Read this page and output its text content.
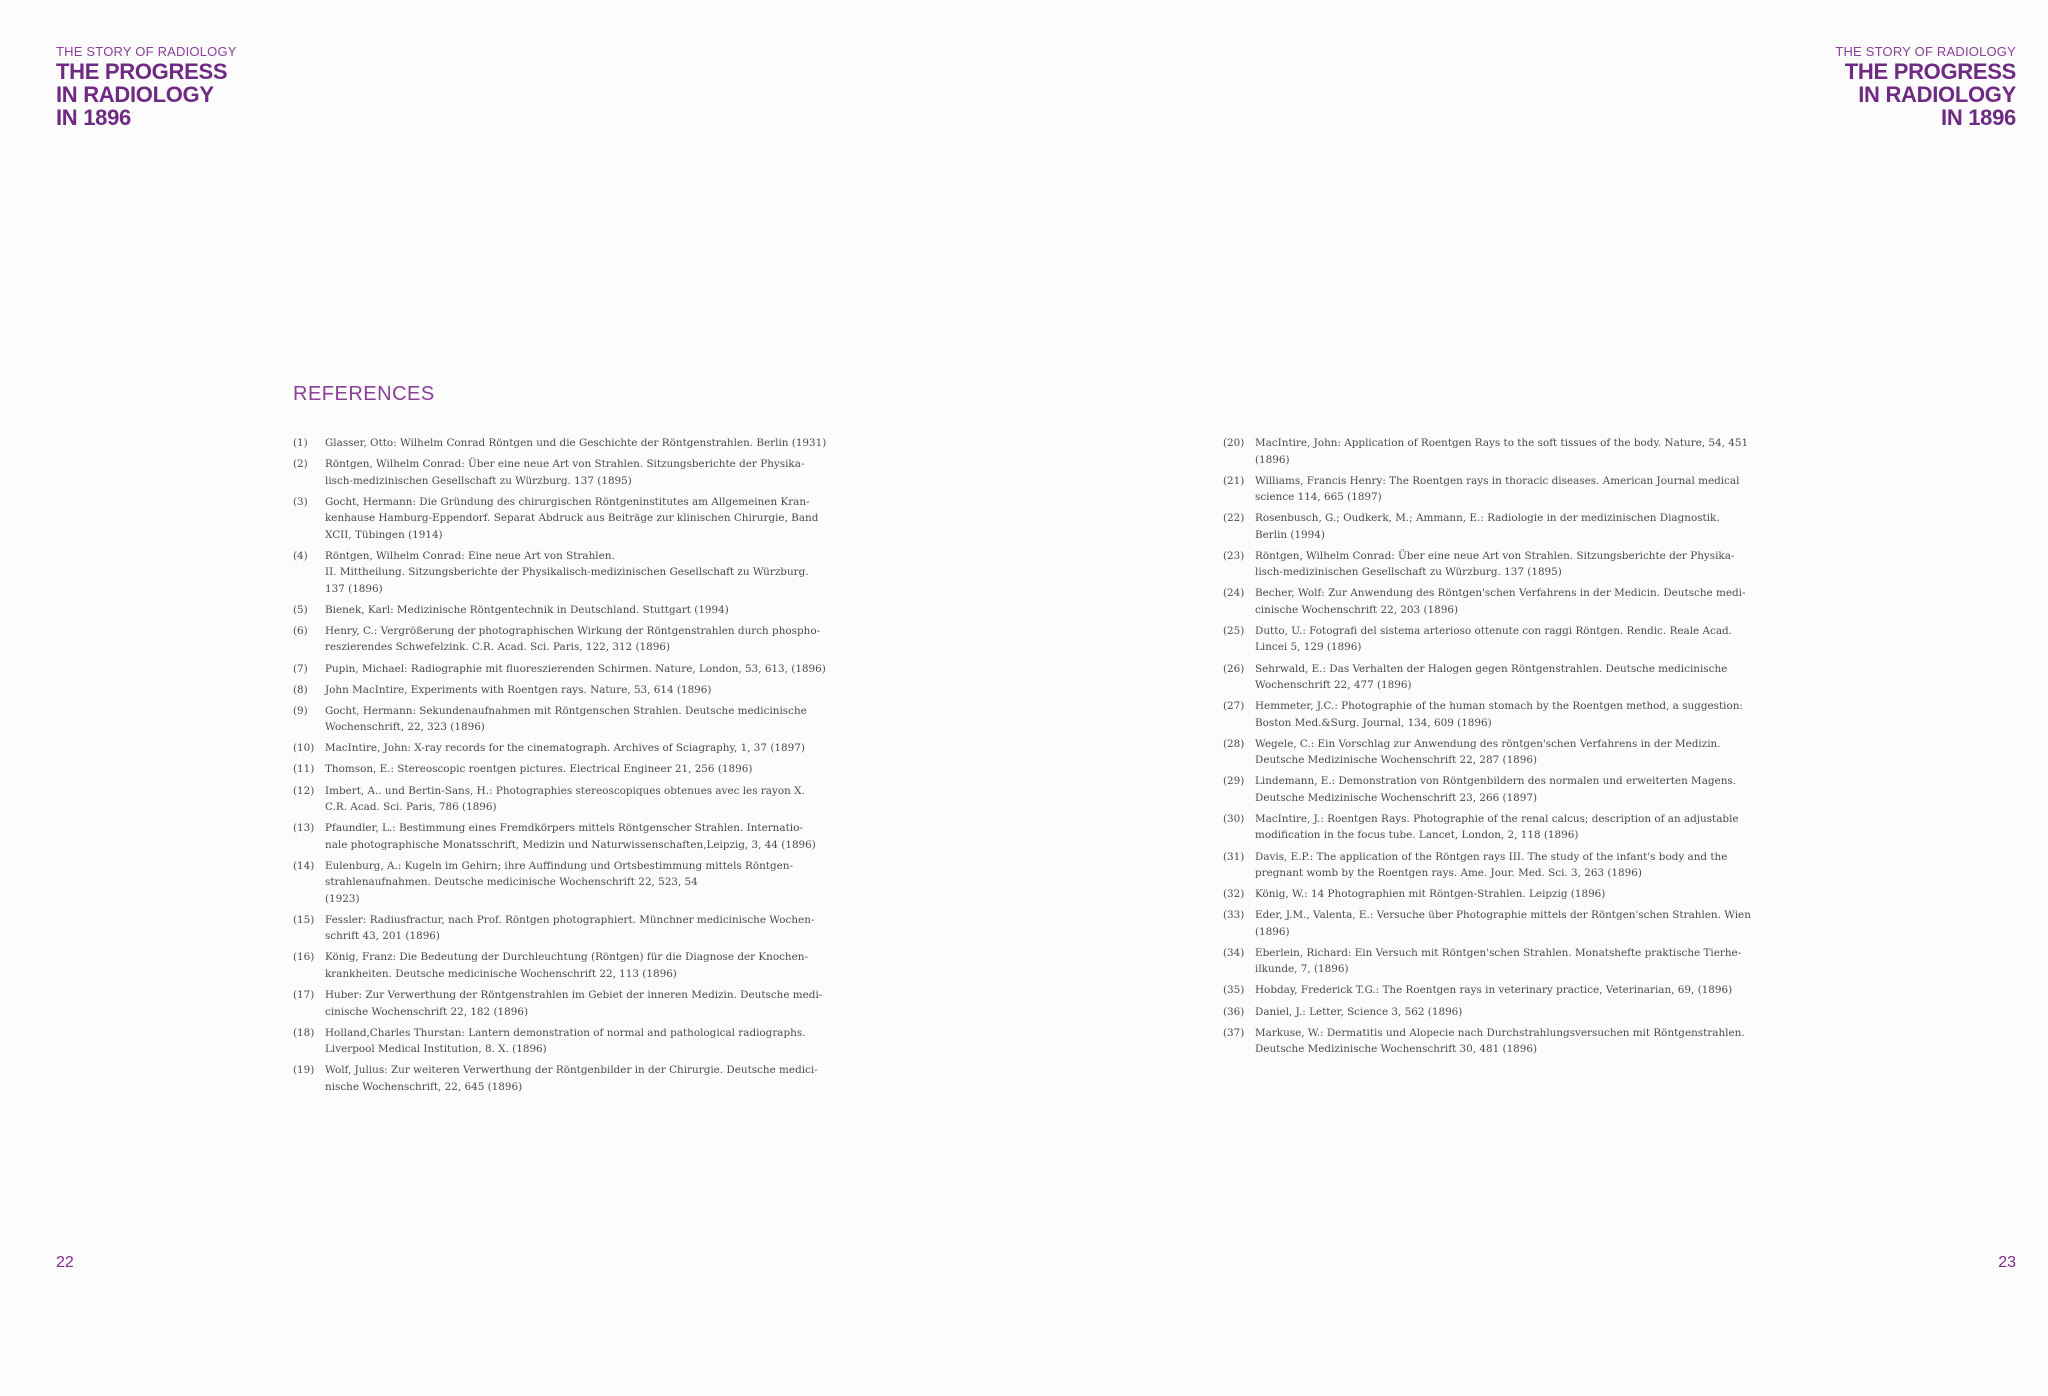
THE STORY OF RADIOLOGY
THE PROGRESS
IN RADIOLOGY
IN 1896
REFERENCES
(1)	Glasser, Otto: Wilhelm Conrad Röntgen und die Geschichte der Röntgenstrahlen. Berlin (1931)
(2)	Röntgen, Wilhelm Conrad: Über eine neue Art von Strahlen. Sitzungsberichte der Physika-
lisch-medizinischen Gesellschaft zu Würzburg. 137 (1895)
(3)	Gocht, Hermann: Die Gründung des chirurgischen Röntgeninstitutes am Allgemeinen Kran-
kenhause Hamburg-Eppendorf. Separat Abdruck aus Beiträge zur klinischen Chirurgie, Band
XCII, Tübingen (1914)
(4)	Röntgen, Wilhelm Conrad: Eine neue Art von Strahlen.
II. Mittheilung. Sitzungsberichte der Physikalisch-medizinischen Gesellschaft zu Würzburg.
137 (1896)
(5)	Bienek, Karl: Medizinische Röntgentechnik in Deutschland. Stuttgart (1994)
(6)	Henry, C.: Vergrößerung der photographischen Wirkung der Röntgenstrahlen durch phospho-
reszierendes Schwefelzink. C.R. Acad. Sci. Paris, 122, 312 (1896)
(7)	Pupin, Michael: Radiographie mit fluoreszierenden Schirmen. Nature, London, 53, 613, (1896)
(8)	John MacIntire, Experiments with Roentgen rays. Nature, 53, 614 (1896)
(9)	Gocht, Hermann: Sekundenaufnahmen mit Röntgenschen Strahlen. Deutsche medicinische
Wochenschrift, 22, 323 (1896)
(10)	MacIntire, John: X-ray records for the cinematograph. Archives of Sciagraphy, 1, 37 (1897)
(11)	Thomson, E.: Stereoscopic roentgen pictures. Electrical Engineer 21, 256 (1896)
(12)	Imbert, A.. und Bertin-Sans, H.: Photographies stereoscopiques obtenues avec les rayon X.
C.R. Acad. Sci. Paris, 786 (1896)
(13)	Pfaundler, L.: Bestimmung eines Fremdkörpers mittels Röntgenscher Strahlen. Internatio-
nale photographische Monatsschrift, Medizin und Naturwissenschaften,Leipzig, 3, 44 (1896)
(14)	Eulenburg, A.: Kugeln im Gehirn; ihre Auffindung und Ortsbestimmung mittels Röntgen-
strahlenaufnahmen. Deutsche medicinische Wochenschrift 22, 523, 54
(1923)
(15)	Fessler: Radiusfractur, nach Prof. Röntgen photographiert. Münchner medicinische Wochen-
schrift 43, 201 (1896)
(16)	König, Franz: Die Bedeutung der Durchleuchtung (Röntgen) für die Diagnose der Knochen-
krankheiten. Deutsche medicinische Wochenschrift 22, 113 (1896)
(17)	Huber: Zur Verwerthung der Röntgenstrahlen im Gebiet der inneren Medizin. Deutsche medi-
cinische Wochenschrift 22, 182 (1896)
(18)	Holland,Charles Thurstan: Lantern demonstration of normal and pathological radiographs.
Liverpool Medical Institution, 8. X. (1896)
(19)	Wolf, Julius: Zur weiteren Verwerthung der Röntgenbilder in der Chirurgie. Deutsche medici-
nische Wochenschrift, 22, 645 (1896)
22
THE STORY OF RADIOLOGY
THE PROGRESS
IN RADIOLOGY
IN 1896
23
(20)	MacIntire, John: Application of Roentgen Rays to the soft tissues of the body. Nature, 54, 451
(1896)
(21)	Williams, Francis Henry: The Roentgen rays in thoracic diseases. American Journal medical
science 114, 665 (1897)
(22)	Rosenbusch, G.; Oudkerk, M.; Ammann, E.: Radiologie in der medizinischen Diagnostik.
Berlin (1994)
(23)	Röntgen, Wilhelm Conrad: Über eine neue Art von Strahlen. Sitzungsberichte der Physika-
lisch-medizinischen Gesellschaft zu Würzburg. 137 (1895)
(24)	Becher, Wolf: Zur Anwendung des Röntgen'schen Verfahrens in der Medicin. Deutsche medi-
cinische Wochenschrift 22, 203 (1896)
(25)	Dutto, U.: Fotografi del sistema arterioso ottenute con raggi Röntgen. Rendic. Reale Acad.
Lincei 5, 129 (1896)
(26)	Sehrwald, E.: Das Verhalten der Halogen gegen Röntgenstrahlen. Deutsche medicinische
Wochenschrift 22, 477 (1896)
(27)	Hemmeter, J.C.: Photographie of the human stomach by the Roentgen method, a suggestion:
Boston Med.&Surg. Journal, 134, 609 (1896)
(28)	Wegele, C.: Ein Vorschlag zur Anwendung des röntgen'schen Verfahrens in der Medizin.
Deutsche Medizinische Wochenschrift 22, 287 (1896)
(29)	Lindemann, E.: Demonstration von Röntgenbildern des normalen und erweiterten Magens.
Deutsche Medizinische Wochenschrift 23, 266 (1897)
(30)	MacIntire, J.: Roentgen Rays. Photographie of the renal calcus; description of an adjustable
modification in the focus tube. Lancet, London, 2, 118 (1896)
(31)	Davis, E.P.: The application of the Röntgen rays III. The study of the infant's body and the
pregnant womb by the Roentgen rays. Ame. Jour. Med. Sci. 3, 263 (1896)
(32)	König, W.: 14 Photographien mit Röntgen-Strahlen. Leipzig (1896)
(33)	Eder, J.M., Valenta, E.: Versuche über Photographie mittels der Röntgen'schen Strahlen. Wien
(1896)
(34)	Eberlein, Richard: Ein Versuch mit Röntgen'schen Strahlen. Monatshefte praktische Tierhe-
ilkunde, 7, (1896)
(35)	Hobday, Frederick T.G.: The Roentgen rays in veterinary practice, Veterinarian, 69, (1896)
(36)	Daniel, J.: Letter, Science 3, 562 (1896)
(37)	Markuse, W.: Dermatitis und Alopecie nach Durchstrahlungsversuchen mit Röntgenstrahlen.
Deutsche Medizinische Wochenschrift 30, 481 (1896)
